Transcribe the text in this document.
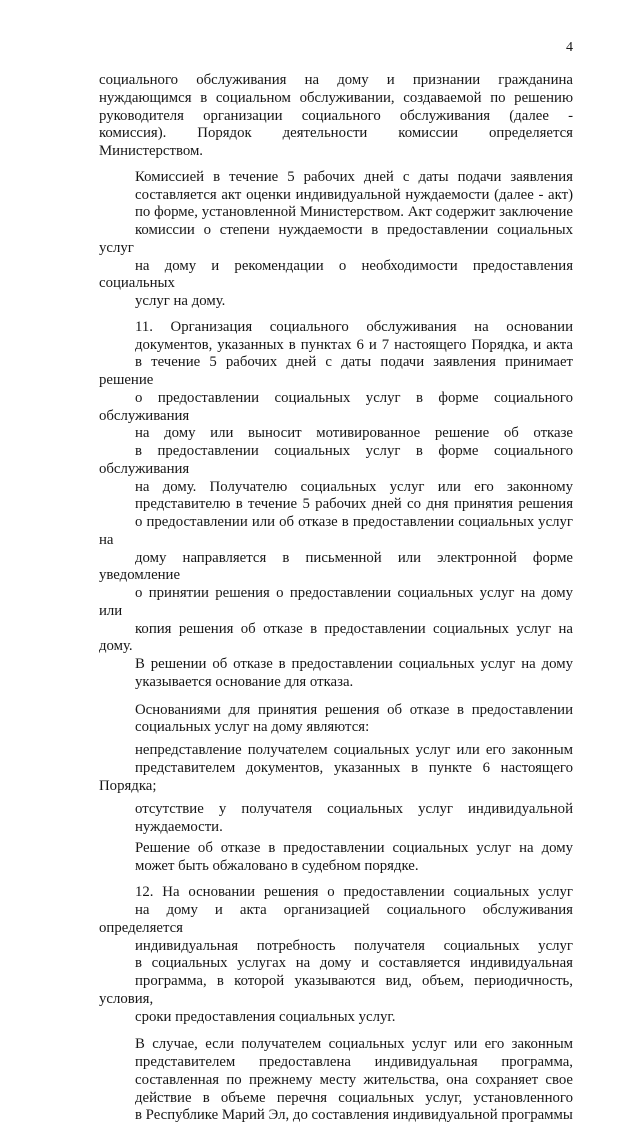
4

социального обслуживания на дому и признании гражданина
нуждающимся в социальном обслуживании, создаваемой по решению
руководителя организации социального обслуживания (далее -
комиссия). Порядок деятельности комиссии определяется
Министерством.

Комиссией в течение 5 рабочих дней с даты подачи заявления
составляется акт оценки индивидуальной нуждаемости (далее - акт)
по форме, установленной Министерством. Акт содержит заключение
комиссии о степени нуждаемости в предоставлении социальных услуг
на дому и рекомендации о необходимости предоставления социальных
услуг на дому.

11. Организация социального обслуживания на основании
документов, указанных в пунктах 6 и 7 настоящего Порядка, и акта
в течение 5 рабочих дней с даты подачи заявления принимает решение
о предоставлении социальных услуг в форме социального обслуживания
на дому или выносит мотивированное решение об отказе
в предоставлении социальных услуг в форме социального обслуживания
на дому. Получателю социальных услуг или его законному
представителю в течение 5 рабочих дней со дня принятия решения
о предоставлении или об отказе в предоставлении социальных услуг на
дому направляется в письменной или электронной форме уведомление
о принятии решения о предоставлении социальных услуг на дому или
копия решения об отказе в предоставлении социальных услуг на дому.
В решении об отказе в предоставлении социальных услуг на дому
указывается основание для отказа.

Основаниями для принятия решения об отказе в предоставлении
социальных услуг на дому являются:

непредставление получателем социальных услуг или его законным
представителем документов, указанных в пункте 6 настоящего Порядка;

отсутствие у получателя социальных услуг индивидуальной
нуждаемости.

Решение об отказе в предоставлении социальных услуг на дому
может быть обжаловано в судебном порядке.

12. На основании решения о предоставлении социальных услуг
на дому и акта организацией социального обслуживания определяется
индивидуальная потребность получателя социальных услуг
в социальных услугах на дому и составляется индивидуальная
программа, в которой указываются вид, объем, периодичность, условия,
сроки предоставления социальных услуг.

В случае, если получателем социальных услуг или его законным
представителем предоставлена индивидуальная программа,
составленная по прежнему месту жительства, она сохраняет свое
действие в объеме перечня социальных услуг, установленного
в Республике Марий Эл, до составления индивидуальной программы
